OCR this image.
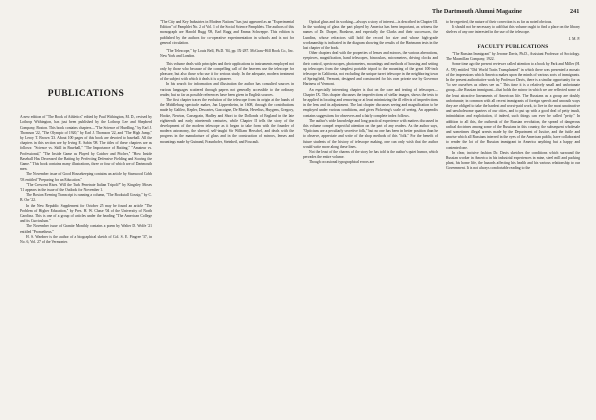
The Dartmouth Alumni Magazine	241
PUBLICATIONS

A new edition of "The Book of Athletics" edited by Paul Withington, M. D., revised by Lothrop Withington, has just been published by the Lothrop Lee and Shepherd Company, Boston. This book contains chapters—"The Science of Hurdling," by Earl J. Thomson '22, "The Olympic of 1920," by Earl J. Thomson '22, and "The High Jump," by Leroy T. Brown '23. About 100 pages of this book are devoted to baseball. All the chapters in this section are by Irving E. Sabin '08. The titles of these chapters are as follows: "Science vs. Skill in Baseball," "The Importance of Batting," "Amateur vs. Professional," "The Inside Game as Played by Catcher and Pitcher," "How Inside Baseball Has Decreased the Batting by Perfecting Defensive Fielding and Scoring the Game." This book contains many illustrations, three or four of which are of Dartmouth men.

The November issue of Good Housekeeping contains an article by Stanwood Cobb '03 entitled "Preparing for an Education."

"The Crescent Rises. Will the Turk Penetrate Italian Tripoli?" by Kingsley Moses '11 appears in the issue of the Outlook for November 1.

The Boston Evening Transcript is running a column, "The Bookstall Gossip," by C. B. Orr '22.

In the New Republic Supplement for October 25 may be found an article "The Problem of Higher Education," by Pres. H. W. Chase '04 of the University of North Carolina. This is one of a group of articles under the heading "The American College and its Curriculum."

The November issue of Granite Monthly contains a poem by Walter D. Wolfe '21 entitled "Prometheus."

H. S. Wardner is the author of a biographical sketch of Col. S. E. Pingree '37, in No. 6, Vol. 27 of the Vermonter.

"The City and Key Industries in Modern Nations" has just appeared as an "Experimental Edition" of Pamphlet No. 2 of Vol. 1 of the Social Science Pamphlets. The authors of this monograph are Harold Rugg '08, Earl Rugg and Emma Schweppe. This edition is published by the authors for co-operative experimentation in schools and is not for general circulation.

"The Telescope," by Louis Bell, Ph.D. '84, pp. IX-287. McGraw-Hill Book Co., Inc. New York and London.

This volume deals with principles and their applications to instruments employed not only by those who because of the compelling call of the heavens use the telescope for pleasure, but also those who use it for serious study. In the adequate, modern treatment of the subject with which it deals it is a pioneer.

In his search for information and illustration the author has consulted sources in various languages scattered through papers not generally accessible to the ordinary reader, but so far as possible references have been given in English sources.

The first chapter traces the evolution of the telescope from its origin at the hands of the Middleburg spectacle maker, Jan Lippersheim, in 1608, through the contributions made by Galileo, Kepler, Descartes, Gascoigne, De Rheita, Hevelius, Huygens, Gregory, Hooke, Newton, Cassegrain, Hadley and Short to the Dollonds of England in the late eighteenth and early nineteenth centuries, while Chapter II tells the story of the development of the modern telescope as it began to take form with the founder of modern astronomy, the shrewd, self-taught Sir William Herschel, and deals with the progress in the manufacture of glass and in the construction of mirrors, lenses and mountings made by Guinand, Fraunhofer, Steinheil, and Foucault.

Optical glass and its working—always a story of interest—is described in Chapter III. In the working of glass the part played by America has been important, as witness the names of Dr. Draper, Brashear, and especially the Clarks and their successors, the Lundins, whose refractors still hold the record for size and whose high-grade workmanship is indicated in the diagram showing the results of the Hartmann tests in the last chapter of the book.

Other chapters deal with the properties of lenses and mirrors, the various aberrations, eyepieces, magnification, hand telescopes, binoculars, micrometers, driving clocks and their control, spectroscopes, photometers, mountings and methods of housing and setting up telescopes from the simplest portable tripod to the mounting of the great 100-inch telescope in California, not excluding the unique turret telescope in the neighboring town of Springfield, Vermont, designed and constructed for his own private use by Governor Hartness of Vermont.

An especially interesting chapter is that on the care and testing of telescopes—Chapter IX. This chapter discusses the imperfections of stellar images, shows the tests to be applied in locating and removing or at least minimizing the ill effects of imperfections in the lens and its adjustment. The last chapter discusses seeing and magnification to be employed under various conditions, and gives Pickering's scale of seeing. An appendix contains suggestions for observers and a fairly complete index follows.

The author's wide knowledge and long practical experience with matters discussed in this volume compel respectful attention on the part of any readers. As the author says, "Opticians are a peculiarly secretive folk," but no one has been in better position than he to observe, appreciate and write of the shop methods of this "folk." For the benefit of future students of the history of telescope making, one can only wish that the author would write more along these lines.

Not the least of the charms of the story he has told is the author's quiet humor, which pervades the entire volume.

Though occasional typographical errors are

to be regretted, the nature of their correction is as far as noted obvious.

It should not be necessary to add that this volume ought to find a place on the library shelves of any one interested in the use of the telescope.

J. M. P.
FACULTY PUBLICATIONS

"The Russian Immigrant" by Jerome Davis, Ph.D., Assistant Professor of Sociology. The Macmillan Company, 1922.

Some time ago the present reviewer called attention to a book by Park and Miller (H. A. '09) entitled "Old World Traits Transplanted" in which there was presented a mosaic of the impressions which America makes upon the minds of various sorts of immigrants. In the present authoritative work by Professor Davis, there is a similar opportunity for us "to see ourselves as others see us." This time it is a relatively small and unfortunate group—the Russian immigrant—that holds the mirror in which we are reflected some of the least attractive lineaments of American life. The Russians as a group are doubly unfortunate; in common with all recent immigrants of foreign speech and uncouth ways they are obliged to take the hardest and worst-paid work, to live in the most unattractive and unwholesome quarters of our cities, and to put up with a good deal of petty insult, intimidation and exploitation, if indeed, such things can ever be called "petty." In addition to all this, the outbreak of the Russian revolution, the spread of dangerous radical doctrines among some of the Russians in this country, the subsequent wholesale and sometimes illegal arrests made by the Department of Justice, and the futile and unwise which all Russians interred in the eyes of the American public, have collaborated to render the lot of the Russian immigrant in America anything but a happy and contented one.

In clear, incisive fashion Dr. Davis sketches the conditions which surround the Russian worker in America in his industrial experiences in mine, steel mill and packing plant, his home life, the hazards affecting his health and his various relationship to our Government. It is not always comfortable reading to the
